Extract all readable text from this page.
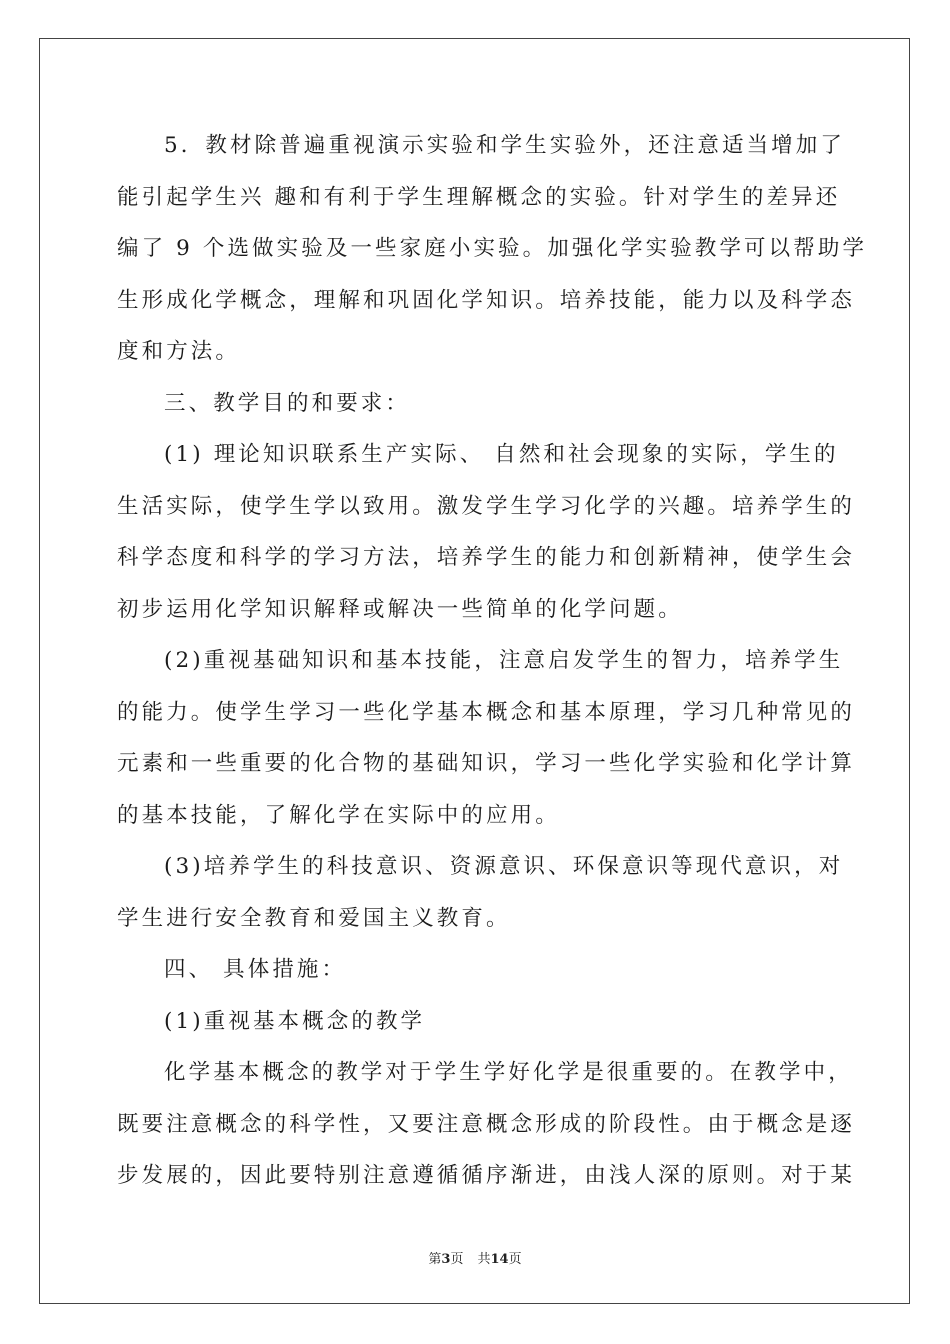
5．教材除普遍重视演示实验和学生实验外，还注意适当增加了
能引起学生兴 趣和有利于学生理解概念的实验。针对学生的差异还
编了 9 个选做实验及一些家庭小实验。加强化学实验教学可以帮助学
生形成化学概念，理解和巩固化学知识。培养技能，能力以及科学态
度和方法。
三、教学目的和要求：
(1) 理论知识联系生产实际、 自然和社会现象的实际，学生的
生活实际，使学生学以致用。激发学生学习化学的兴趣。培养学生的
科学态度和科学的学习方法，培养学生的能力和创新精神，使学生会
初步运用化学知识解释或解决一些简单的化学问题。
(2)重视基础知识和基本技能，注意启发学生的智力，培养学生
的能力。使学生学习一些化学基本概念和基本原理，学习几种常见的
元素和一些重要的化合物的基础知识，学习一些化学实验和化学计算
的基本技能，了解化学在实际中的应用。
(3)培养学生的科技意识、资源意识、环保意识等现代意识，对
学生进行安全教育和爱国主义教育。
四、 具体措施：
(1)重视基本概念的教学
化学基本概念的教学对于学生学好化学是很重要的。在教学中，
既要注意概念的科学性，又要注意概念形成的阶段性。由于概念是逐
步发展的，因此要特别注意遵循循序渐进，由浅人深的原则。对于某
第3页 共14页
